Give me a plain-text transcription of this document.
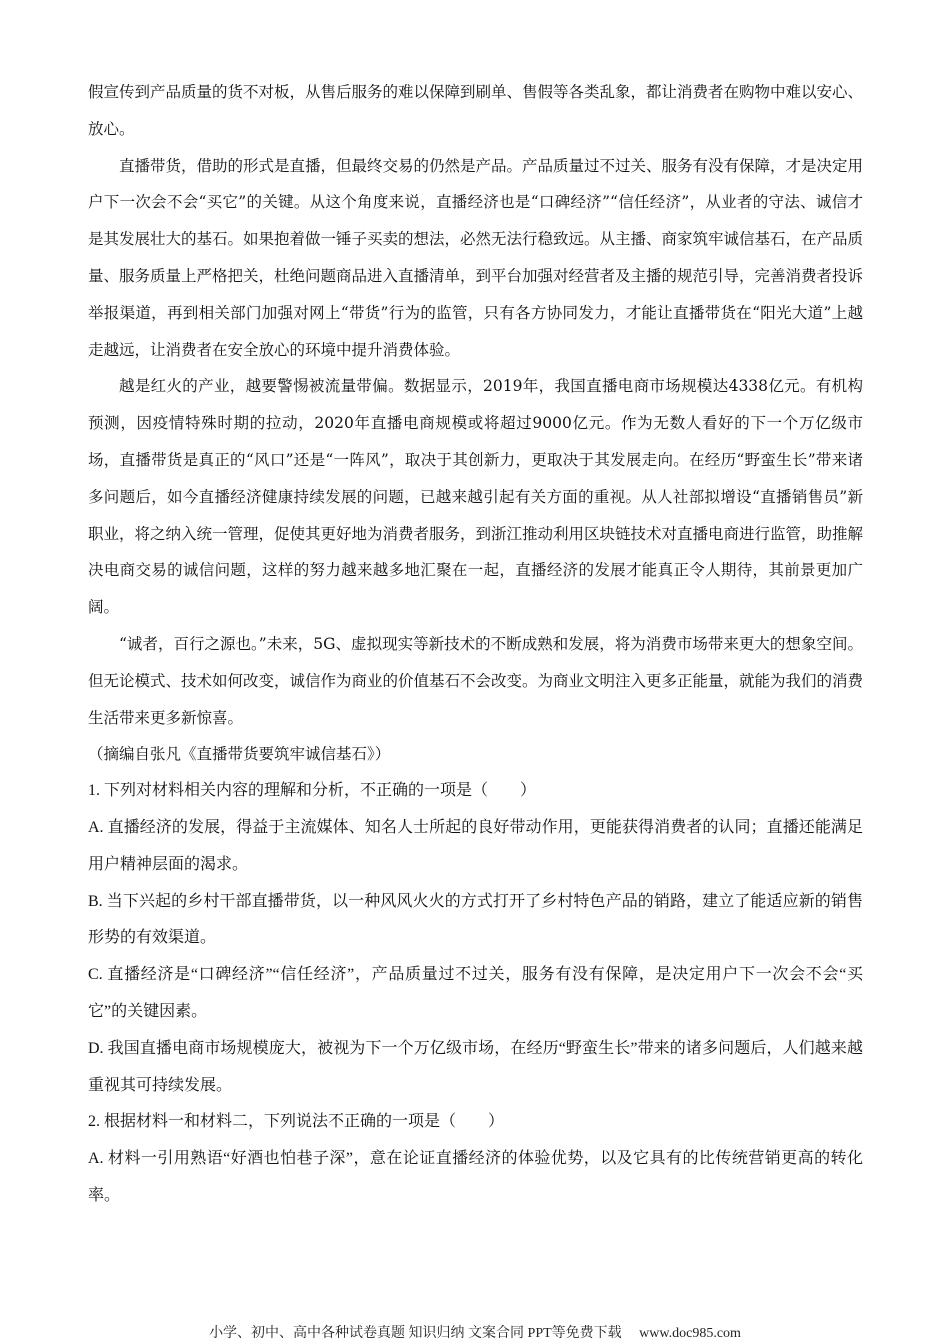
假宣传到产品质量的货不对板，从售后服务的难以保障到刷单、售假等各类乱象，都让消费者在购物中难以安心、放心。

直播带货，借助的形式是直播，但最终交易的仍然是产品。产品质量过不过关、服务有没有保障，才是决定用户下一次会不会“买它”的关键。从这个角度来说，直播经济也是“口碑经济”“信任经济”，从业者的守法、诚信才是其发展壮大的基石。如果抱着做一锤子买卖的想法，必然无法行稳致远。从主播、商家筑牢诚信基石，在产品质量、服务质量上严格把关，杜绝问题商品进入直播清单，到平台加强对经营者及主播的规范引导，完善消费者投诉举报渠道，再到相关部门加强对网上“带货”行为的监管，只有各方协同发力，才能让直播带货在“阳光大道”上越走越远，让消费者在安全放心的环境中提升消费体验。

越是红火的产业，越要警惕被流量带偏。数据显示，2019年，我国直播电商市场规模达4338亿元。有机构预测，因疫情特殊时期的拉动，2020年直播电商规模或将超过9000亿元。作为无数人看好的下一个万亿级市场，直播带货是真正的“风口”还是“一阵风”，取决于其创新力，更取决于其发展走向。在经历“野蛮生长”带来诸多问题后，如今直播经济健康持续发展的问题，已越来越引起有关方面的重视。从人社部拟增设“直播销售员”新职业，将之纳入统一管理，促使其更好地为消费者服务，到浙江推动利用区块链技术对直播电商进行监管，助推解决电商交易的诚信问题，这样的努力越来越多地汇聚在一起，直播经济的发展才能真正令人期待，其前景更加广阔。

“诚者，百行之源也。”未来，5G、虚拟现实等新技术的不断成熟和发展，将为消费市场带来更大的想象空间。但无论模式、技术如何改变，诚信作为商业的价值基石不会改变。为商业文明注入更多正能量，就能为我们的消费生活带来更多新惊喜。

（摘编自张凡《直播带货要筑牢诚信基石》）

1. 下列对材料相关内容的理解和分析，不正确的一项是（　　）

A. 直播经济的发展，得益于主流媒体、知名人士所起的良好带动作用，更能获得消费者的认同；直播还能满足用户精神层面的渴求。

B. 当下兴起的乡村干部直播带货，以一种风风火火的方式打开了乡村特色产品的销路，建立了能适应新的销售形势的有效渠道。

C. 直播经济是“口碑经济”“信任经济”，产品质量过不过关，服务有没有保障，是决定用户下一次会不会“买它”的关键因素。

D. 我国直播电商市场规模庞大，被视为下一个万亿级市场，在经历“野蛮生长”带来的诸多问题后，人们越来越重视其可持续发展。

2. 根据材料一和材料二，下列说法不正确的一项是（　　）

A. 材料一引用熟语“好酒也怕巷子深”，意在论证直播经济的体验优势，以及它具有的比传统营销更高的转化率。

小学、初中、高中各种试卷真题 知识归纳 文案合同 PPT等免费下载　 www.doc985.com
